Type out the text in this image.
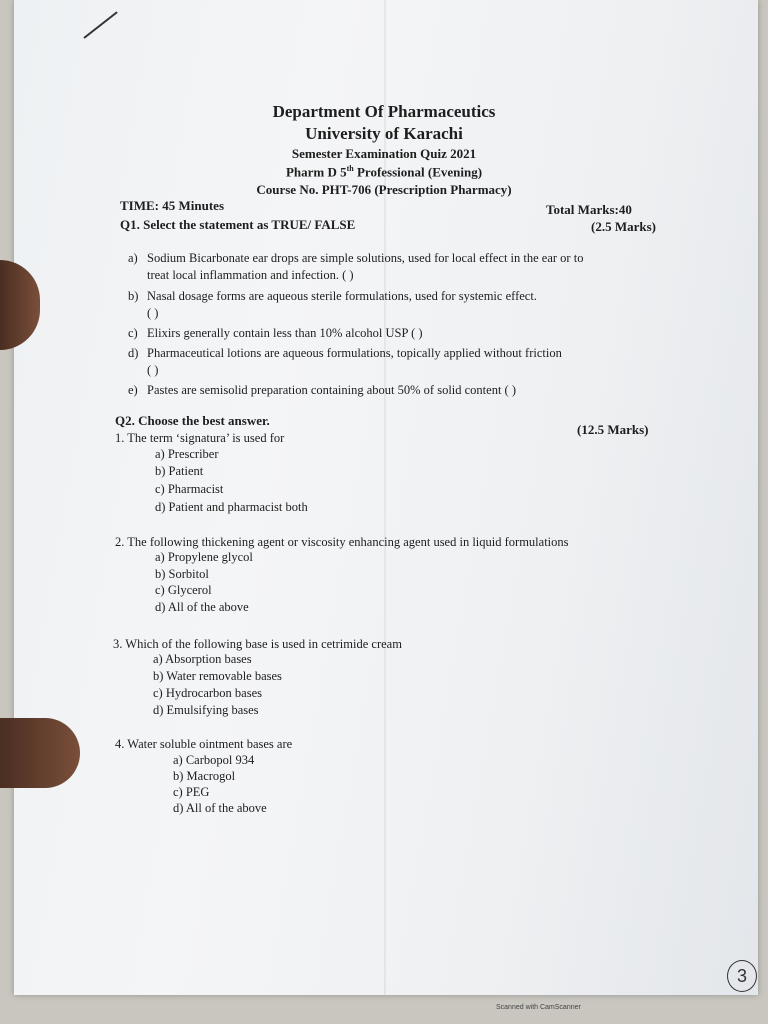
Department Of Pharmaceutics
University of Karachi
Semester Examination Quiz 2021
Pharm D 5th Professional (Evening)
Course No. PHT-706 (Prescription Pharmacy)
TIME: 45 Minutes	Total Marks:40
Q1. Select the statement as TRUE/ FALSE	(2.5 Marks)
a) Sodium Bicarbonate ear drops are simple solutions, used for local effect in the ear or to
treat local inflammation and infection. ( )
b) Nasal dosage forms are aqueous sterile formulations, used for systemic effect.
( )
c) Elixirs generally contain less than 10% alcohol USP ( )
d) Pharmaceutical lotions are aqueous formulations, topically applied without friction
( )
e) Pastes are semisolid preparation containing about 50% of solid content ( )
Q2. Choose the best answer.
(12.5 Marks)
1. The term ‘signatura’ is used for
a) Prescriber
b) Patient
c) Pharmacist
d) Patient and pharmacist both
2. The following thickening agent or viscosity enhancing agent used in liquid formulations
a) Propylene glycol
b) Sorbitol
c) Glycerol
d) All of the above
3. Which of the following base is used in cetrimide cream
a) Absorption bases
b) Water removable bases
c) Hydrocarbon bases
d) Emulsifying bases
4. Water soluble ointment bases are
a) Carbopol 934
b) Macrogol
c) PEG
d) All of the above
3
Scanned with CamScanner
